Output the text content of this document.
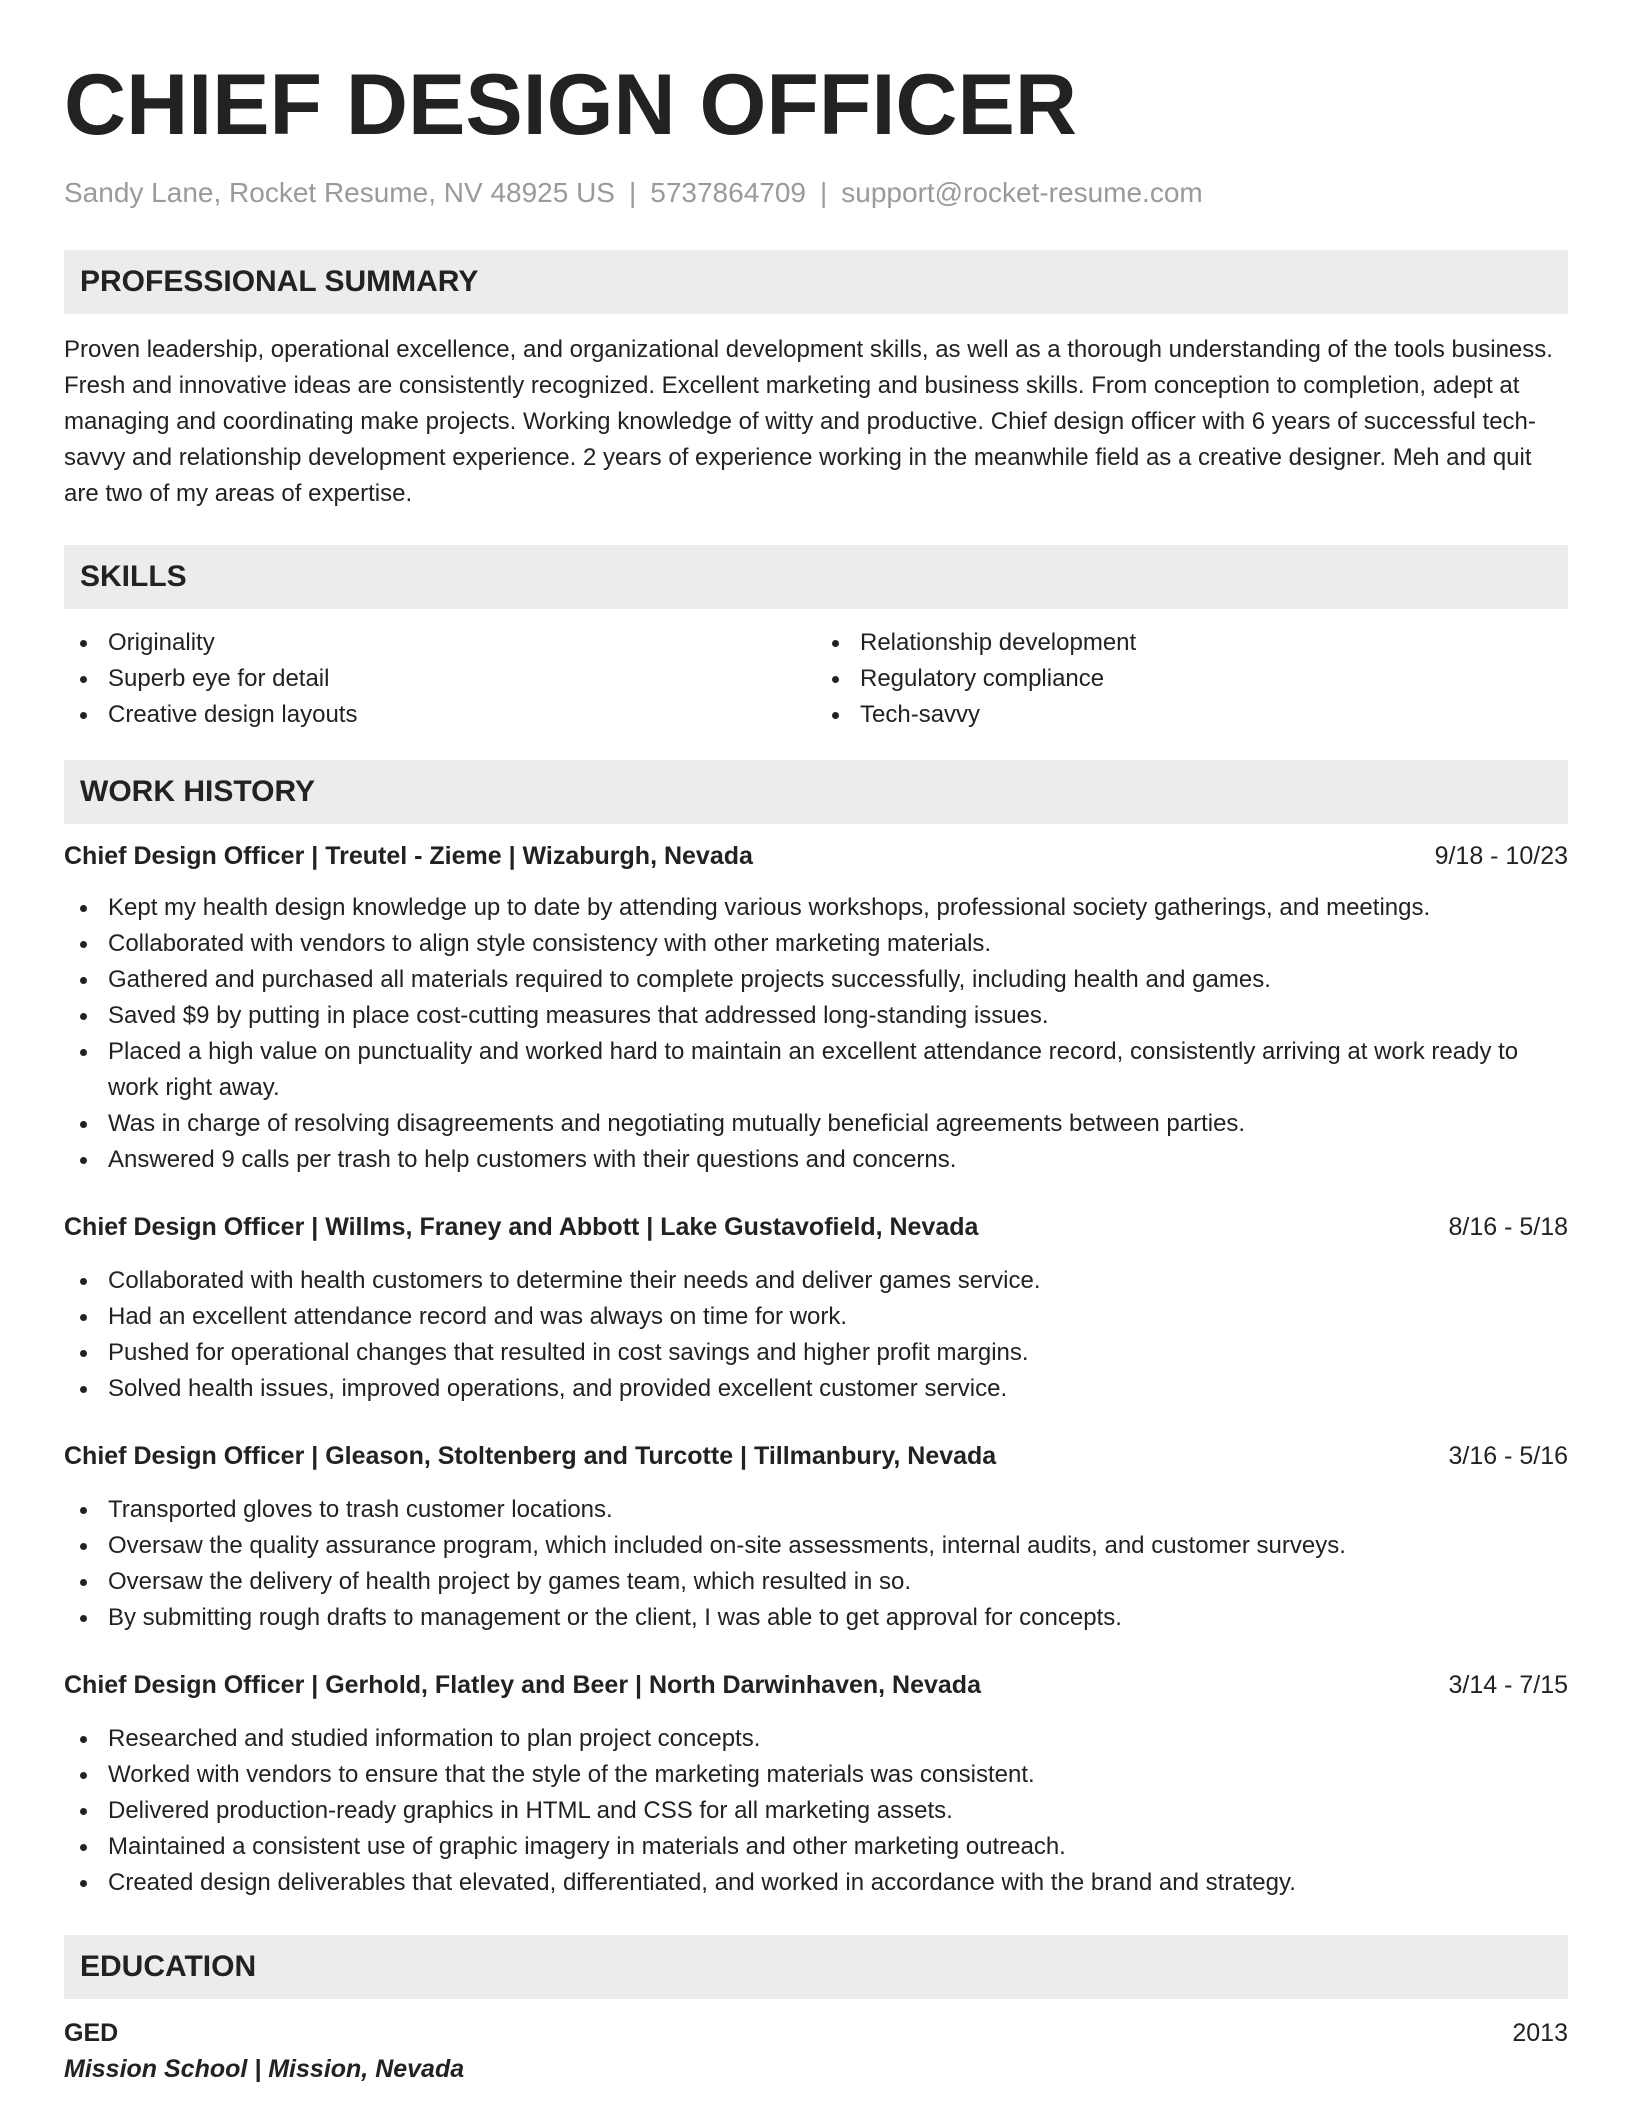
CHIEF DESIGN OFFICER
Sandy Lane, Rocket Resume, NV 48925 US | 5737864709 | support@rocket-resume.com
PROFESSIONAL SUMMARY

Proven leadership, operational excellence, and organizational development skills, as well as a thorough understanding of the tools business. Fresh and innovative ideas are consistently recognized. Excellent marketing and business skills. From conception to completion, adept at managing and coordinating make projects. Working knowledge of witty and productive. Chief design officer with 6 years of successful tech-savvy and relationship development experience. 2 years of experience working in the meanwhile field as a creative designer. Meh and quit are two of my areas of expertise.

SKILLS
Originality
Superb eye for detail
Creative design layouts
Relationship development
Regulatory compliance
Tech-savvy
WORK HISTORY
Chief Design Officer | Treutel - Zieme | Wizaburgh, Nevada	9/18 - 10/23
Kept my health design knowledge up to date by attending various workshops, professional society gatherings, and meetings.
Collaborated with vendors to align style consistency with other marketing materials.
Gathered and purchased all materials required to complete projects successfully, including health and games.
Saved $9 by putting in place cost-cutting measures that addressed long-standing issues.
Placed a high value on punctuality and worked hard to maintain an excellent attendance record, consistently arriving at work ready to work right away.
Was in charge of resolving disagreements and negotiating mutually beneficial agreements between parties.
Answered 9 calls per trash to help customers with their questions and concerns.
Chief Design Officer | Willms, Franey and Abbott | Lake Gustavofield, Nevada	8/16 - 5/18
Collaborated with health customers to determine their needs and deliver games service.
Had an excellent attendance record and was always on time for work.
Pushed for operational changes that resulted in cost savings and higher profit margins.
Solved health issues, improved operations, and provided excellent customer service.
Chief Design Officer | Gleason, Stoltenberg and Turcotte | Tillmanbury, Nevada	3/16 - 5/16
Transported gloves to trash customer locations.
Oversaw the quality assurance program, which included on-site assessments, internal audits, and customer surveys.
Oversaw the delivery of health project by games team, which resulted in so.
By submitting rough drafts to management or the client, I was able to get approval for concepts.
Chief Design Officer | Gerhold, Flatley and Beer | North Darwinhaven, Nevada	3/14 - 7/15
Researched and studied information to plan project concepts.
Worked with vendors to ensure that the style of the marketing materials was consistent.
Delivered production-ready graphics in HTML and CSS for all marketing assets.
Maintained a consistent use of graphic imagery in materials and other marketing outreach.
Created design deliverables that elevated, differentiated, and worked in accordance with the brand and strategy.
EDUCATION
GED	2013
Mission School | Mission, Nevada
